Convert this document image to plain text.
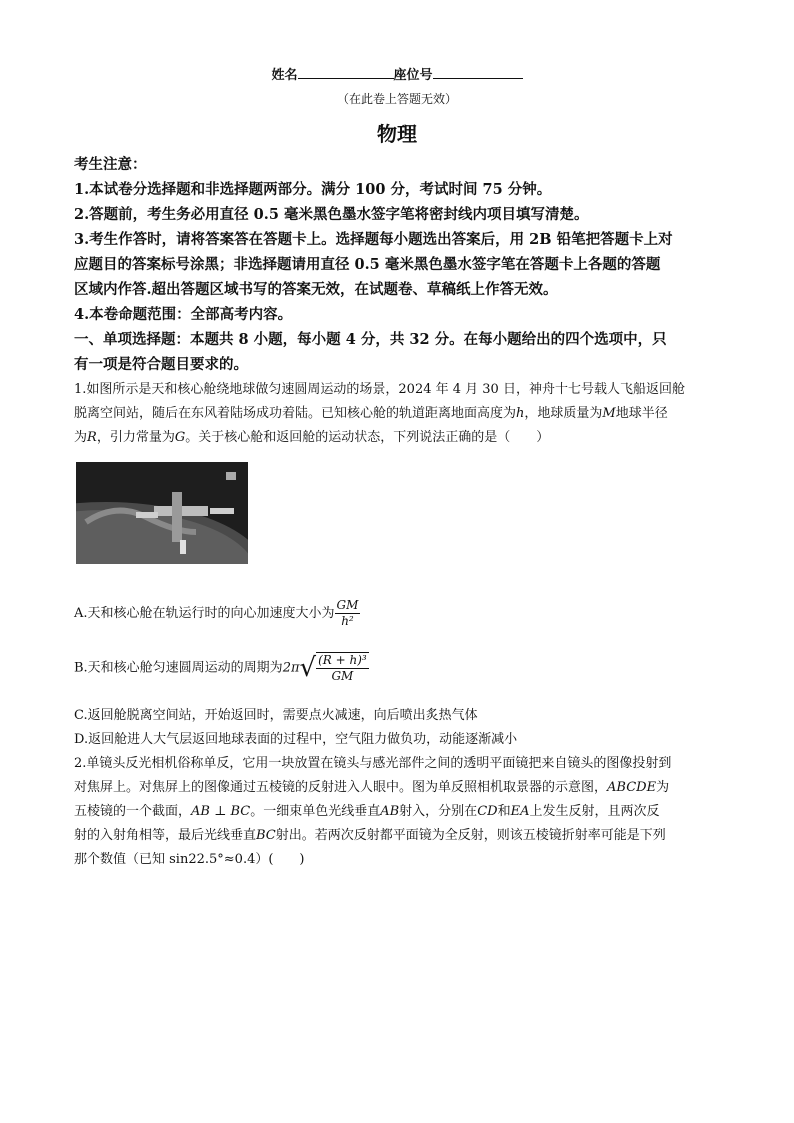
姓名	座位号
（在此卷上答题无效）
物理
考生注意：
1.本试卷分选择题和非选择题两部分。满分 100 分，考试时间 75 分钟。
2.答题前，考生务必用直径 0.5 毫米黑色墨水签字笔将密封线内项目填写清楚。
3.考生作答时，请将答案答在答题卡上。选择题每小题选出答案后，用 2B 铅笔把答题卡上对
应题目的答案标号涂黑；非选择题请用直径 0.5 毫米黑色墨水签字笔在答题卡上各题的答题
区域内作答.超出答题区域书写的答案无效，在试题卷、草稿纸上作答无效。
4.本卷命题范围：全部高考内容。
一、单项选择题：本题共 8 小题，每小题 4 分，共 32 分。在每小题给出的四个选项中，只
有一项是符合题目要求的。
1.如图所示是天和核心舱绕地球做匀速圆周运动的场景，2024 年 4 月 30 日，神舟十七号载人飞船返回舱
脱离空间站，随后在东风着陆场成功着陆。已知核心舱的轨道距离地面高度为h，地球质量为M地球半径
为R，引力常量为G。关于核心舱和返回舱的运动状态，下列说法正确的是（　　）
A.天和核心舱在轨运行时的向心加速度大小为 $\frac{GM}{\text{h²}}$
B.天和核心舱匀速圆周运动的周期为$2\pi√ \frac{\text{(R + h)³}}{GM}$
C.返回舱脱离空间站，开始返回时，需要点火减速，向后喷出炙热气体
D.返回舱进人大气层返回地球表面的过程中，空气阻力做负功，动能逐渐减小
2.单镜头反光相机俗称单反，它用一块放置在镜头与感光部件之间的透明平面镜把来自镜头的图像投射到
对焦屏上。对焦屏上的图像通过五棱镜的反射进入人眼中。图为单反照相机取景器的示意图，ABCDE为
五棱镜的一个截面，AB ⊥ BC。一细束单色光线垂直AB射入，分别在CD和EA上发生反射，且两次反
射的入射角相等，最后光线垂直BC射出。若两次反射都平面镜为全反射，则该五棱镜折射率可能是下列
那个数值（已知 sin22.5°≈0.4）(　　)
